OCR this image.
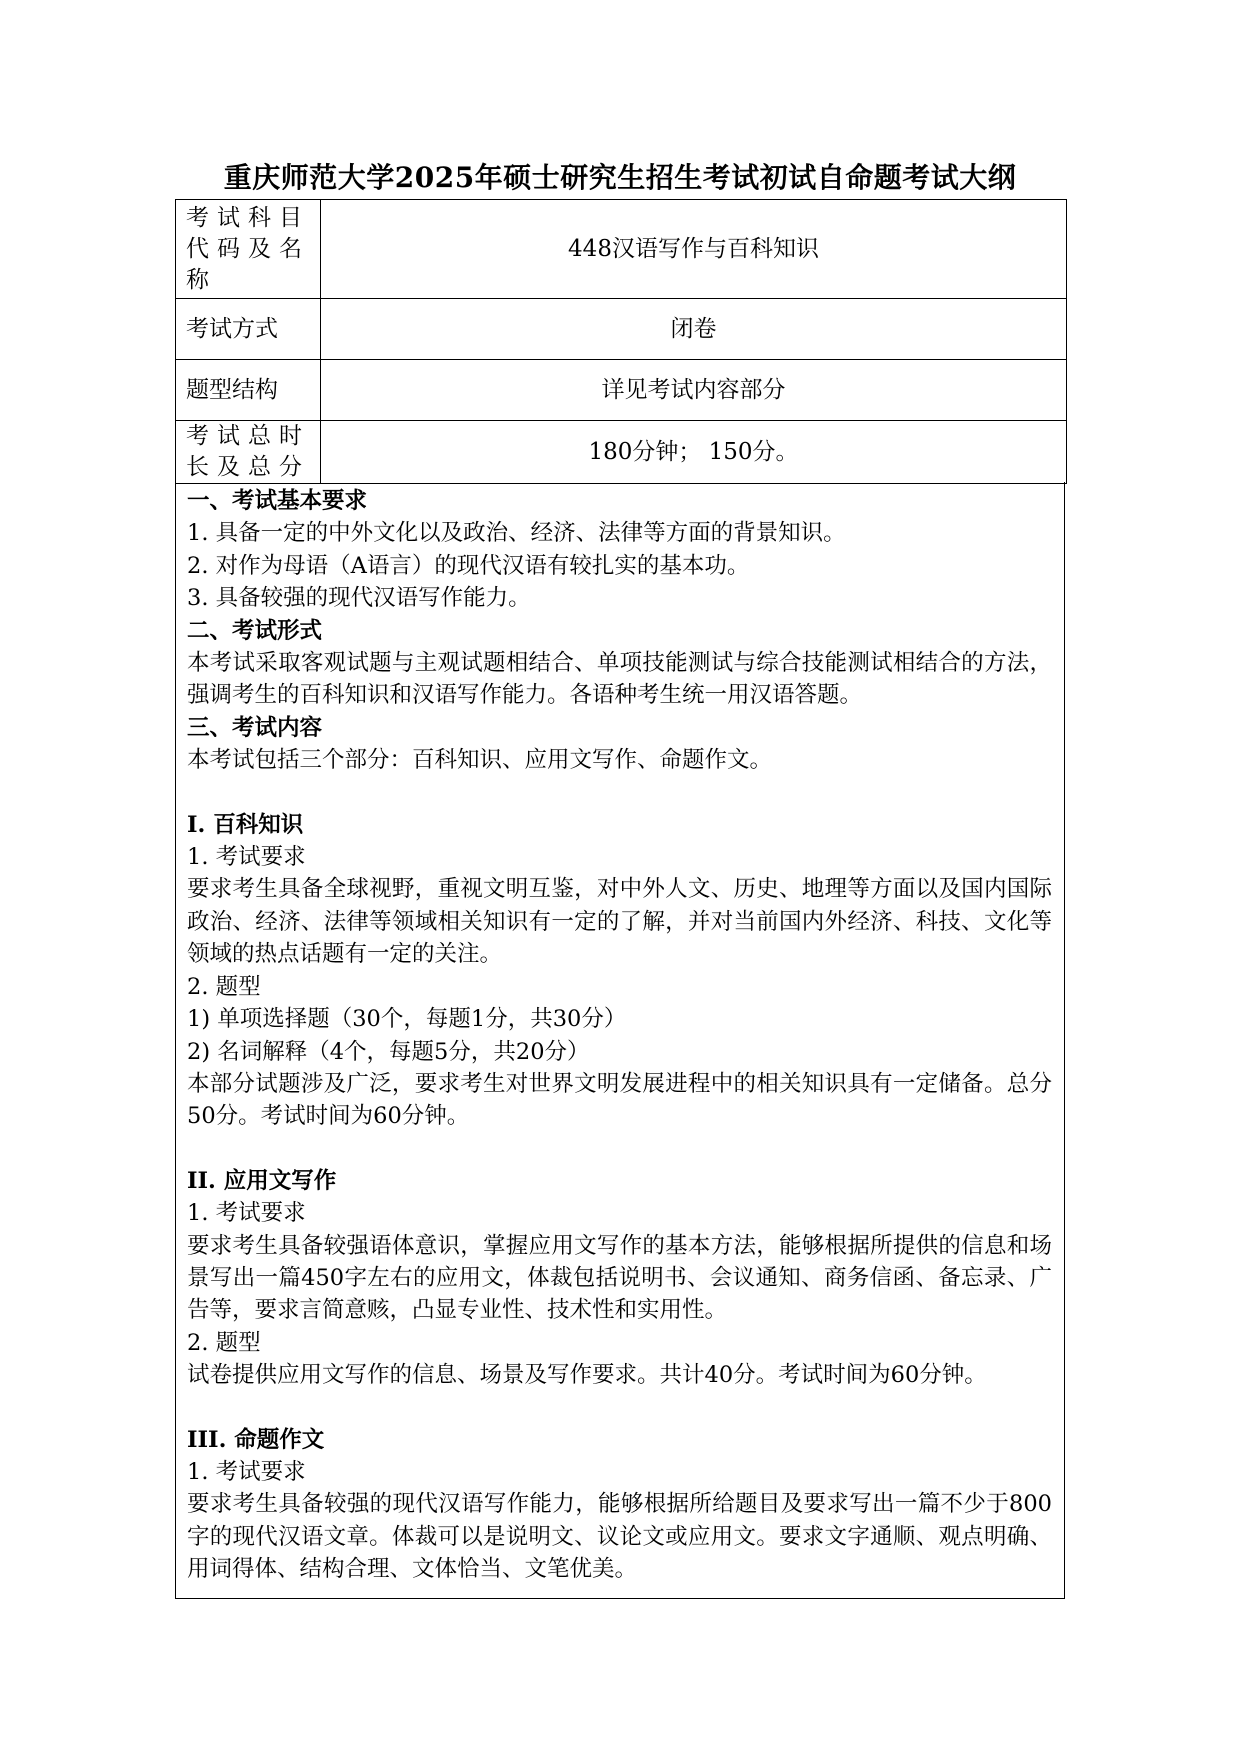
重庆师范大学2025年硕士研究生招生考试初试自命题考试大纲
考试科目代码及名称	448汉语写作与百科知识
考试方式	闭卷
题型结构	详见考试内容部分
考试总时长及总分	180分钟； 150分。
一、考试基本要求
1. 具备一定的中外文化以及政治、经济、法律等方面的背景知识。
2. 对作为母语（A语言）的现代汉语有较扎实的基本功。
3. 具备较强的现代汉语写作能力。
二、考试形式
本考试采取客观试题与主观试题相结合、单项技能测试与综合技能测试相结合的方法，强调考生的百科知识和汉语写作能力。各语种考生统一用汉语答题。
三、考试内容
本考试包括三个部分：百科知识、应用文写作、命题作文。
I. 百科知识
1. 考试要求
要求考生具备全球视野，重视文明互鉴，对中外人文、历史、地理等方面以及国内国际政治、经济、法律等领域相关知识有一定的了解，并对当前国内外经济、科技、文化等领域的热点话题有一定的关注。
2. 题型
1) 单项选择题（30个，每题1分，共30分）
2) 名词解释（4个，每题5分，共20分）
本部分试题涉及广泛，要求考生对世界文明发展进程中的相关知识具有一定储备。总分50分。考试时间为60分钟。
II. 应用文写作
1. 考试要求
要求考生具备较强语体意识，掌握应用文写作的基本方法，能够根据所提供的信息和场景写出一篇450字左右的应用文，体裁包括说明书、会议通知、商务信函、备忘录、广告等，要求言简意赅，凸显专业性、技术性和实用性。
2. 题型
试卷提供应用文写作的信息、场景及写作要求。共计40分。考试时间为60分钟。
III. 命题作文
1. 考试要求
要求考生具备较强的现代汉语写作能力，能够根据所给题目及要求写出一篇不少于800字的现代汉语文章。体裁可以是说明文、议论文或应用文。要求文字通顺、观点明确、用词得体、结构合理、文体恰当、文笔优美。
